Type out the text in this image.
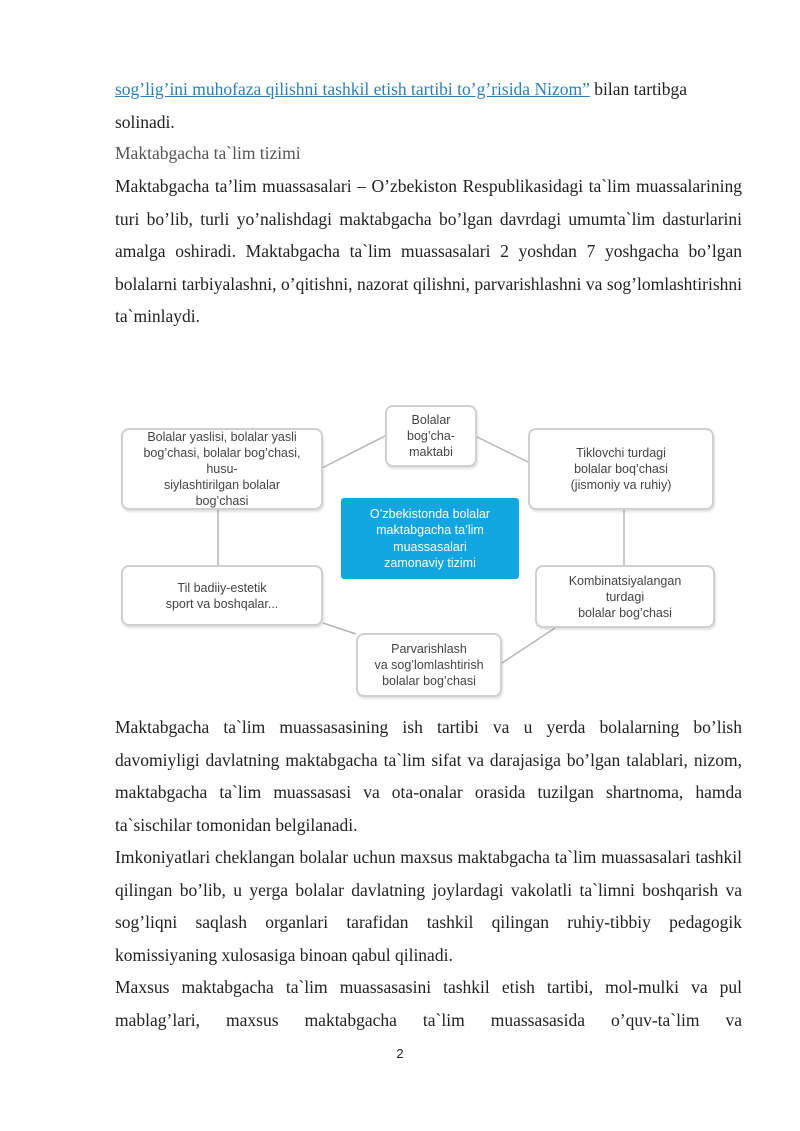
sog’lig’ini muhofaza qilishni tashkil etish tartibi to’g’risida Nizom” bilan tartibga
solinadi.

Maktabgacha ta`lim tizimi

Maktabgacha ta’lim muassasalari – O’zbekiston Respublikasidagi ta`lim muassalarining turi bo’lib, turli yo’nalishdagi maktabgacha bo’lgan davrdagi umumta`lim dasturlarini amalga oshiradi. Maktabgacha ta`lim muassasalari 2 yoshdan 7 yoshgacha bo’lgan bolalarni tarbiyalashni, o’qitishni, nazorat qilishni, parvarishlashni va sog’lomlashtirishni ta`minlaydi.

Bolalar
bog’cha-
maktabi
Bolalar yaslisi, bolalar yasli
bog’chasi, bolalar bog’chasi, husu-
siylashtirilgan bolalar
bog’chasi
Tiklovchi turdagi
bolalar boq’chasi
(jismoniy va ruhiy)
O’zbekistonda bolalar
maktabgacha ta’lim
muassasalari
zamonaviy tizimi
Til badiiy-estetik
sport va boshqalar...
Kombinatsiyalangan
turdagi
bolalar bog’chasi
Parvarishlash
va sog’lomlashtirish
bolalar bog’chasi

Maktabgacha ta`lim muassasasining ish tartibi va u yerda bolalarning bo’lish davomiyligi davlatning maktabgacha ta`lim sifat va darajasiga bo’lgan talablari, nizom, maktabgacha ta`lim muassasasi va ota-onalar orasida tuzilgan shartnoma, hamda ta`sischilar tomonidan belgilanadi.

Imkoniyatlari cheklangan bolalar uchun maxsus maktabgacha ta`lim muassasalari tashkil qilingan bo’lib, u yerga bolalar davlatning joylardagi vakolatli ta`limni boshqarish va sog’liqni saqlash organlari tarafidan tashkil qilingan ruhiy-tibbiy pedagogik komissiyaning xulosasiga binoan qabul qilinadi.

Maxsus maktabgacha ta`lim muassasasini tashkil etish tartibi, mol-mulki va pul mablag’lari, maxsus maktabgacha ta`lim muassasasida o’quv-ta`lim va

2
